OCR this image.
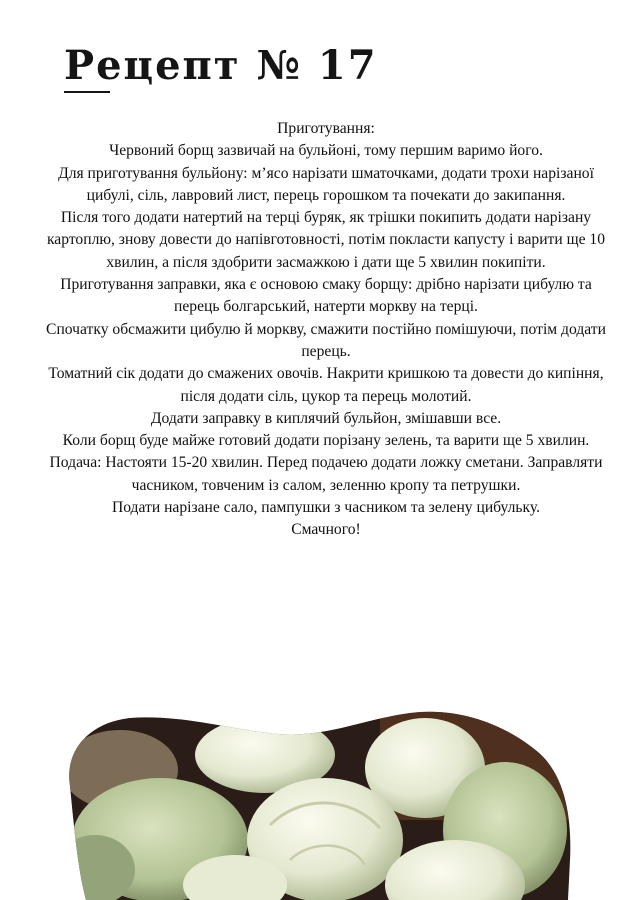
Рецепт № 17

Приготування:

Червоний борщ зазвичай на бульйоні, тому першим варимо його.

Для приготування бульйону: м’ясо нарізати шматочками, додати трохи нарізаної цибулі, сіль, лавровий лист, перець горошком та почекати до закипання.

Після того додати натертий на терці буряк, як трішки покипить додати нарізану картоплю, знову довести до напівготовності, потім покласти капусту і варити ще 10 хвилин, а після здобрити засмажкою і дати ще 5 хвилин покипіти.

Приготування заправки, яка є основою смаку борщу: дрібно нарізати цибулю та перець болгарський, натерти моркву на терці.

Спочатку обсмажити цибулю й моркву, смажити постійно помішуючи, потім додати перець.

Томатний сік додати до смажених овочів. Накрити кришкою та довести до кипіння, після додати сіль, цукор та перець молотий.

Додати заправку в киплячий бульйон, змішавши все.

Коли борщ буде майже готовий додати порізану зелень, та варити ще 5 хвилин.

Подача: Настояти 15-20 хвилин. Перед подачею додати ложку сметани. Заправляти часником, товченим із салом, зеленню кропу та петрушки.

Подати нарізане сало, пампушки з часником та зелену цибульку.

Смачного!
